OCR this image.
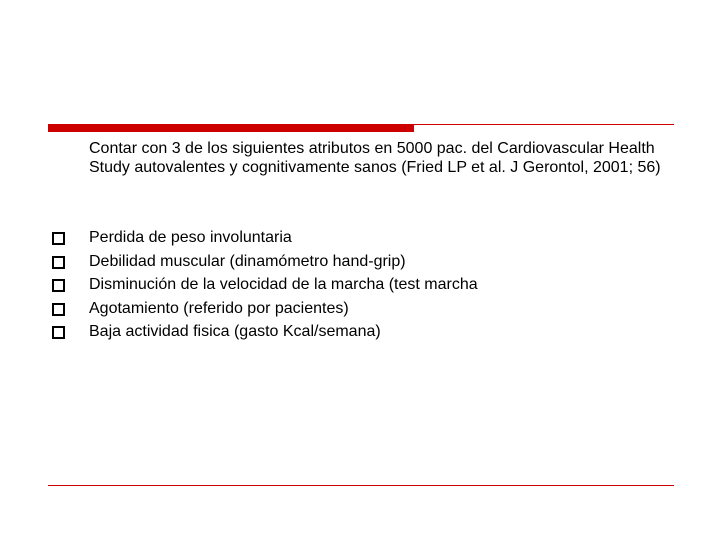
Contar con 3 de los siguientes atributos en 5000 pac. del Cardiovascular Health Study autovalentes y cognitivamente sanos (Fried LP et al. J Gerontol, 2001; 56)
Perdida de peso involuntaria
Debilidad muscular (dinamómetro hand-grip)
Disminución de la velocidad de la marcha (test marcha
Agotamiento (referido por pacientes)
Baja actividad fisica (gasto Kcal/semana)
